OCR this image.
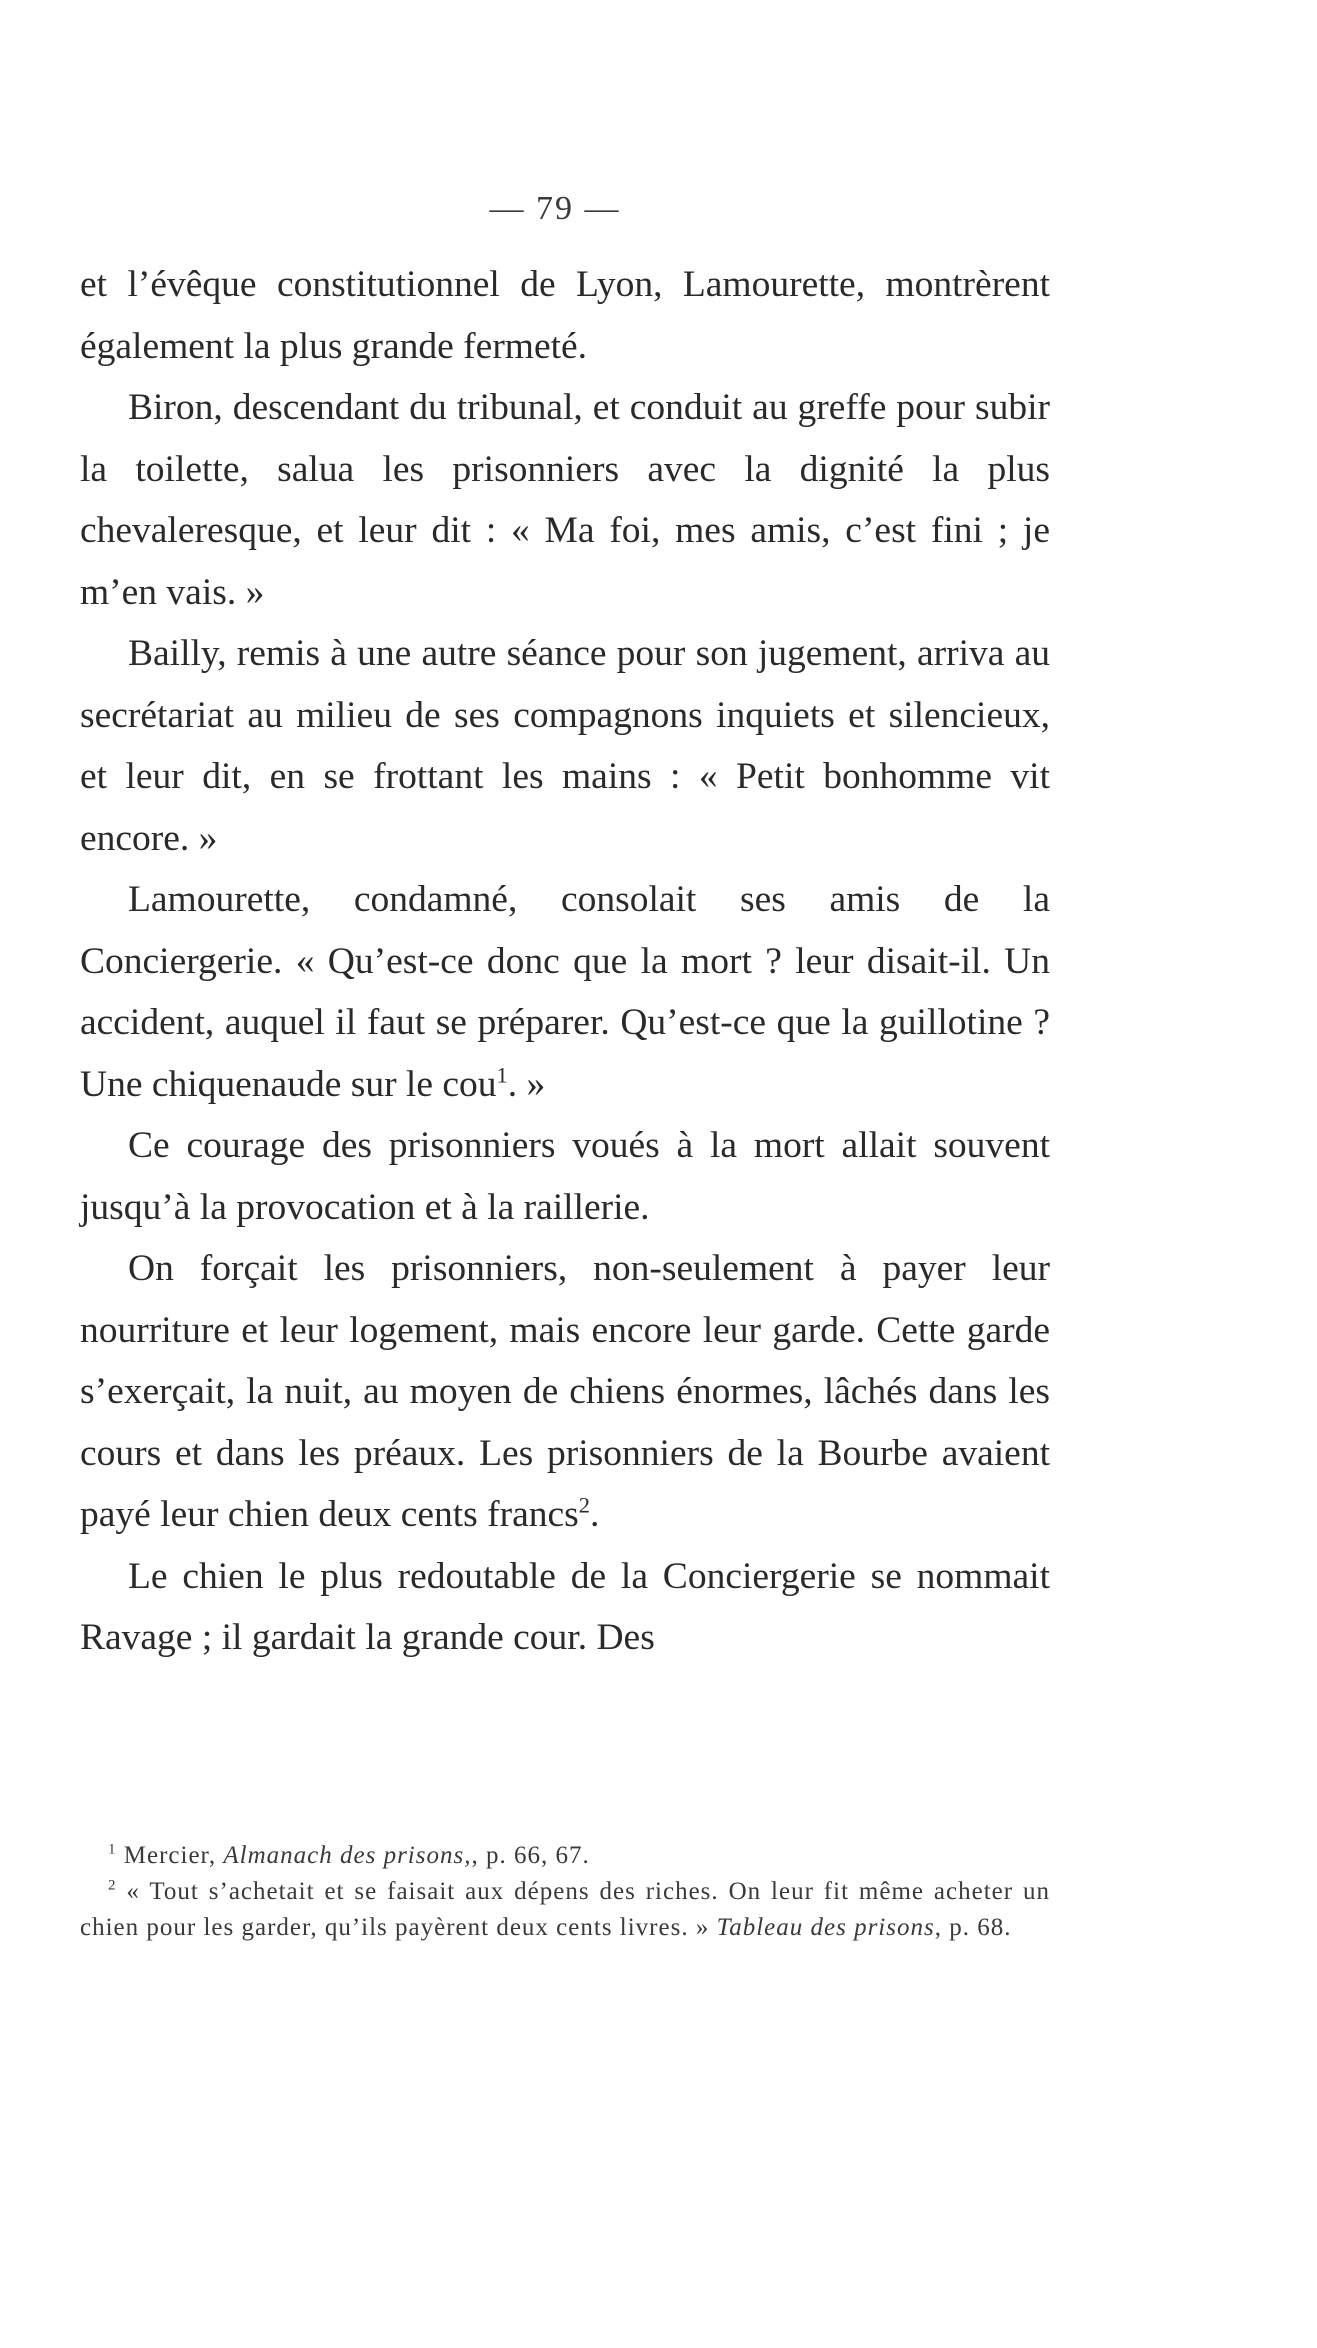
— 79 —

et l’évêque constitutionnel de Lyon, Lamourette, montrèrent également la plus grande fermeté.

Biron, descendant du tribunal, et conduit au greffe pour subir la toilette, salua les prisonniers avec la dignité la plus chevaleresque, et leur dit : « Ma foi, mes amis, c’est fini ; je m’en vais. »

Bailly, remis à une autre séance pour son jugement, arriva au secrétariat au milieu de ses compagnons inquiets et silencieux, et leur dit, en se frottant les mains : « Petit bonhomme vit encore. »

Lamourette, condamné, consolait ses amis de la Conciergerie. « Qu’est-ce donc que la mort ? leur disait-il. Un accident, auquel il faut se préparer. Qu’est-ce que la guillotine ? Une chiquenaude sur le cou$^1$. »

Ce courage des prisonniers voués à la mort allait souvent jusqu’à la provocation et à la raillerie.

On forçait les prisonniers, non-seulement à payer leur nourriture et leur logement, mais encore leur garde. Cette garde s’exerçait, la nuit, au moyen de chiens énormes, lâchés dans les cours et dans les préaux. Les prisonniers de la Bourbe avaient payé leur chien deux cents francs$^2$.

Le chien le plus redoutable de la Conciergerie se nommait Ravage ; il gardait la grande cour. Des

$^1$ Mercier, Almanach des prisons,, p. 66, 67.

$^2$ « Tout s’achetait et se faisait aux dépens des riches. On leur fit même acheter un chien pour les garder, qu’ils payèrent deux cents livres. » Tableau des prisons, p. 68.
